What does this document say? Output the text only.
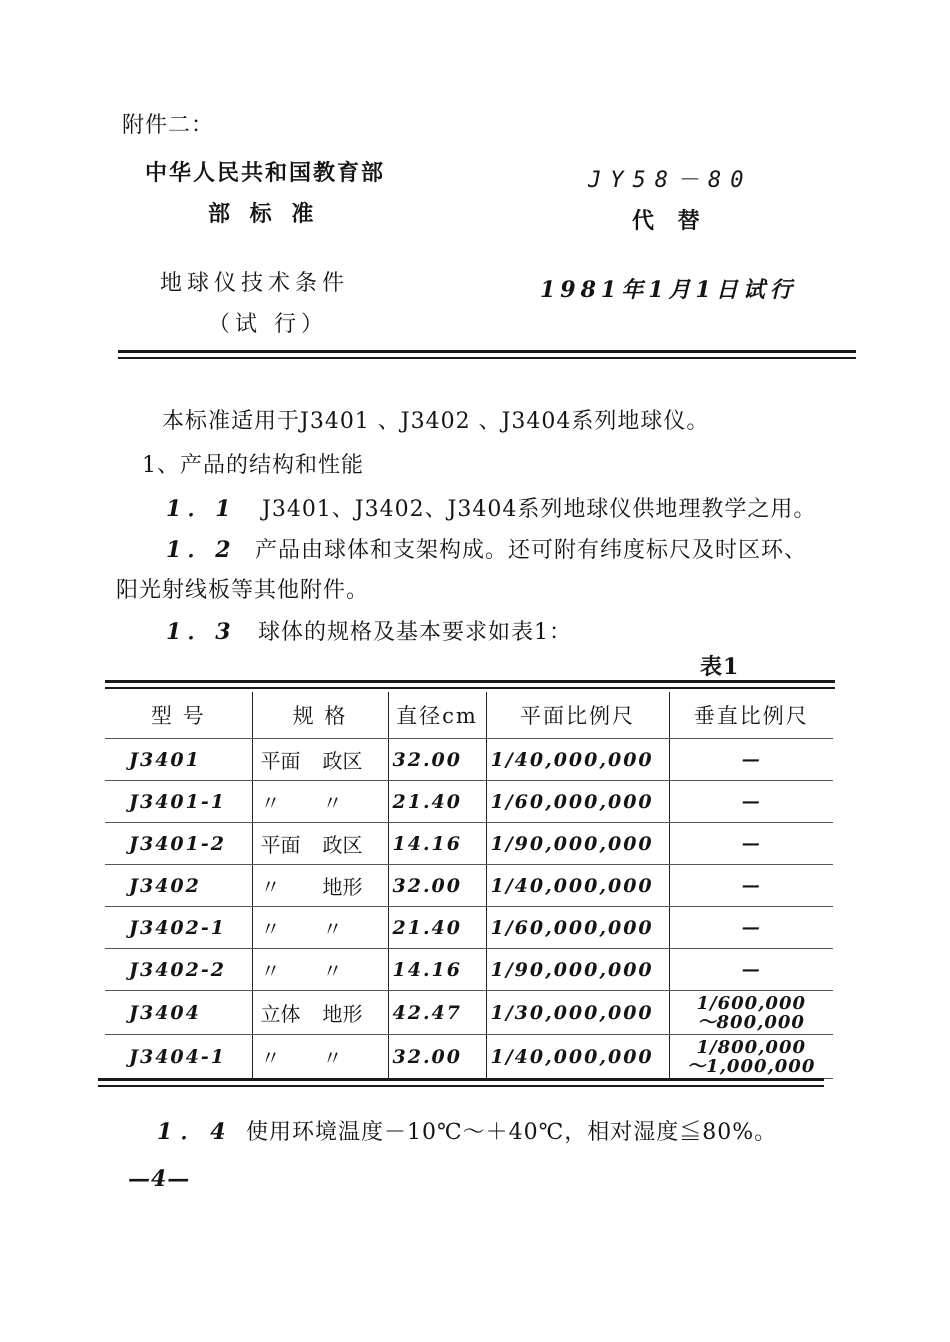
附件二：
中华人民共和国教育部
部 标 准
JY58－80
代 替
地球仪技术条件
（试 行）
1981年1月1日试行
本标准适用于J3401 、J3402 、J3404系列地球仪。
1、产品的结构和性能
1．1 J3401、J3402、J3404系列地球仪供地理教学之用。
1．2 产品由球体和支架构成。还可附有纬度标尺及时区环、
阳光射线板等其他附件。
1．3 球体的规格及基本要求如表1：
表1
型 号	规 格	直径cm	平面比例尺	垂直比例尺
J3401	平面 政区	32.00	1/40,000,000	—

J3401-1	〃 〃	21.40	1/60,000,000	—

J3401-2	平面 政区	14.16	1/90,000,000	—

J3402	〃 地形	32.00	1/40,000,000	—

J3402-1	〃 〃	21.40	1/60,000,000	—

J3402-2	〃 〃	14.16	1/90,000,000	—

J3404	立体 地形	42.47	1/30,000,000	1/600,000
～800,000

J3404-1	〃 〃	32.00	1/40,000,000	1/800,000
～1,000,000
1．4 使用环境温度－10℃～＋40℃，相对湿度≦80%。
—4—
